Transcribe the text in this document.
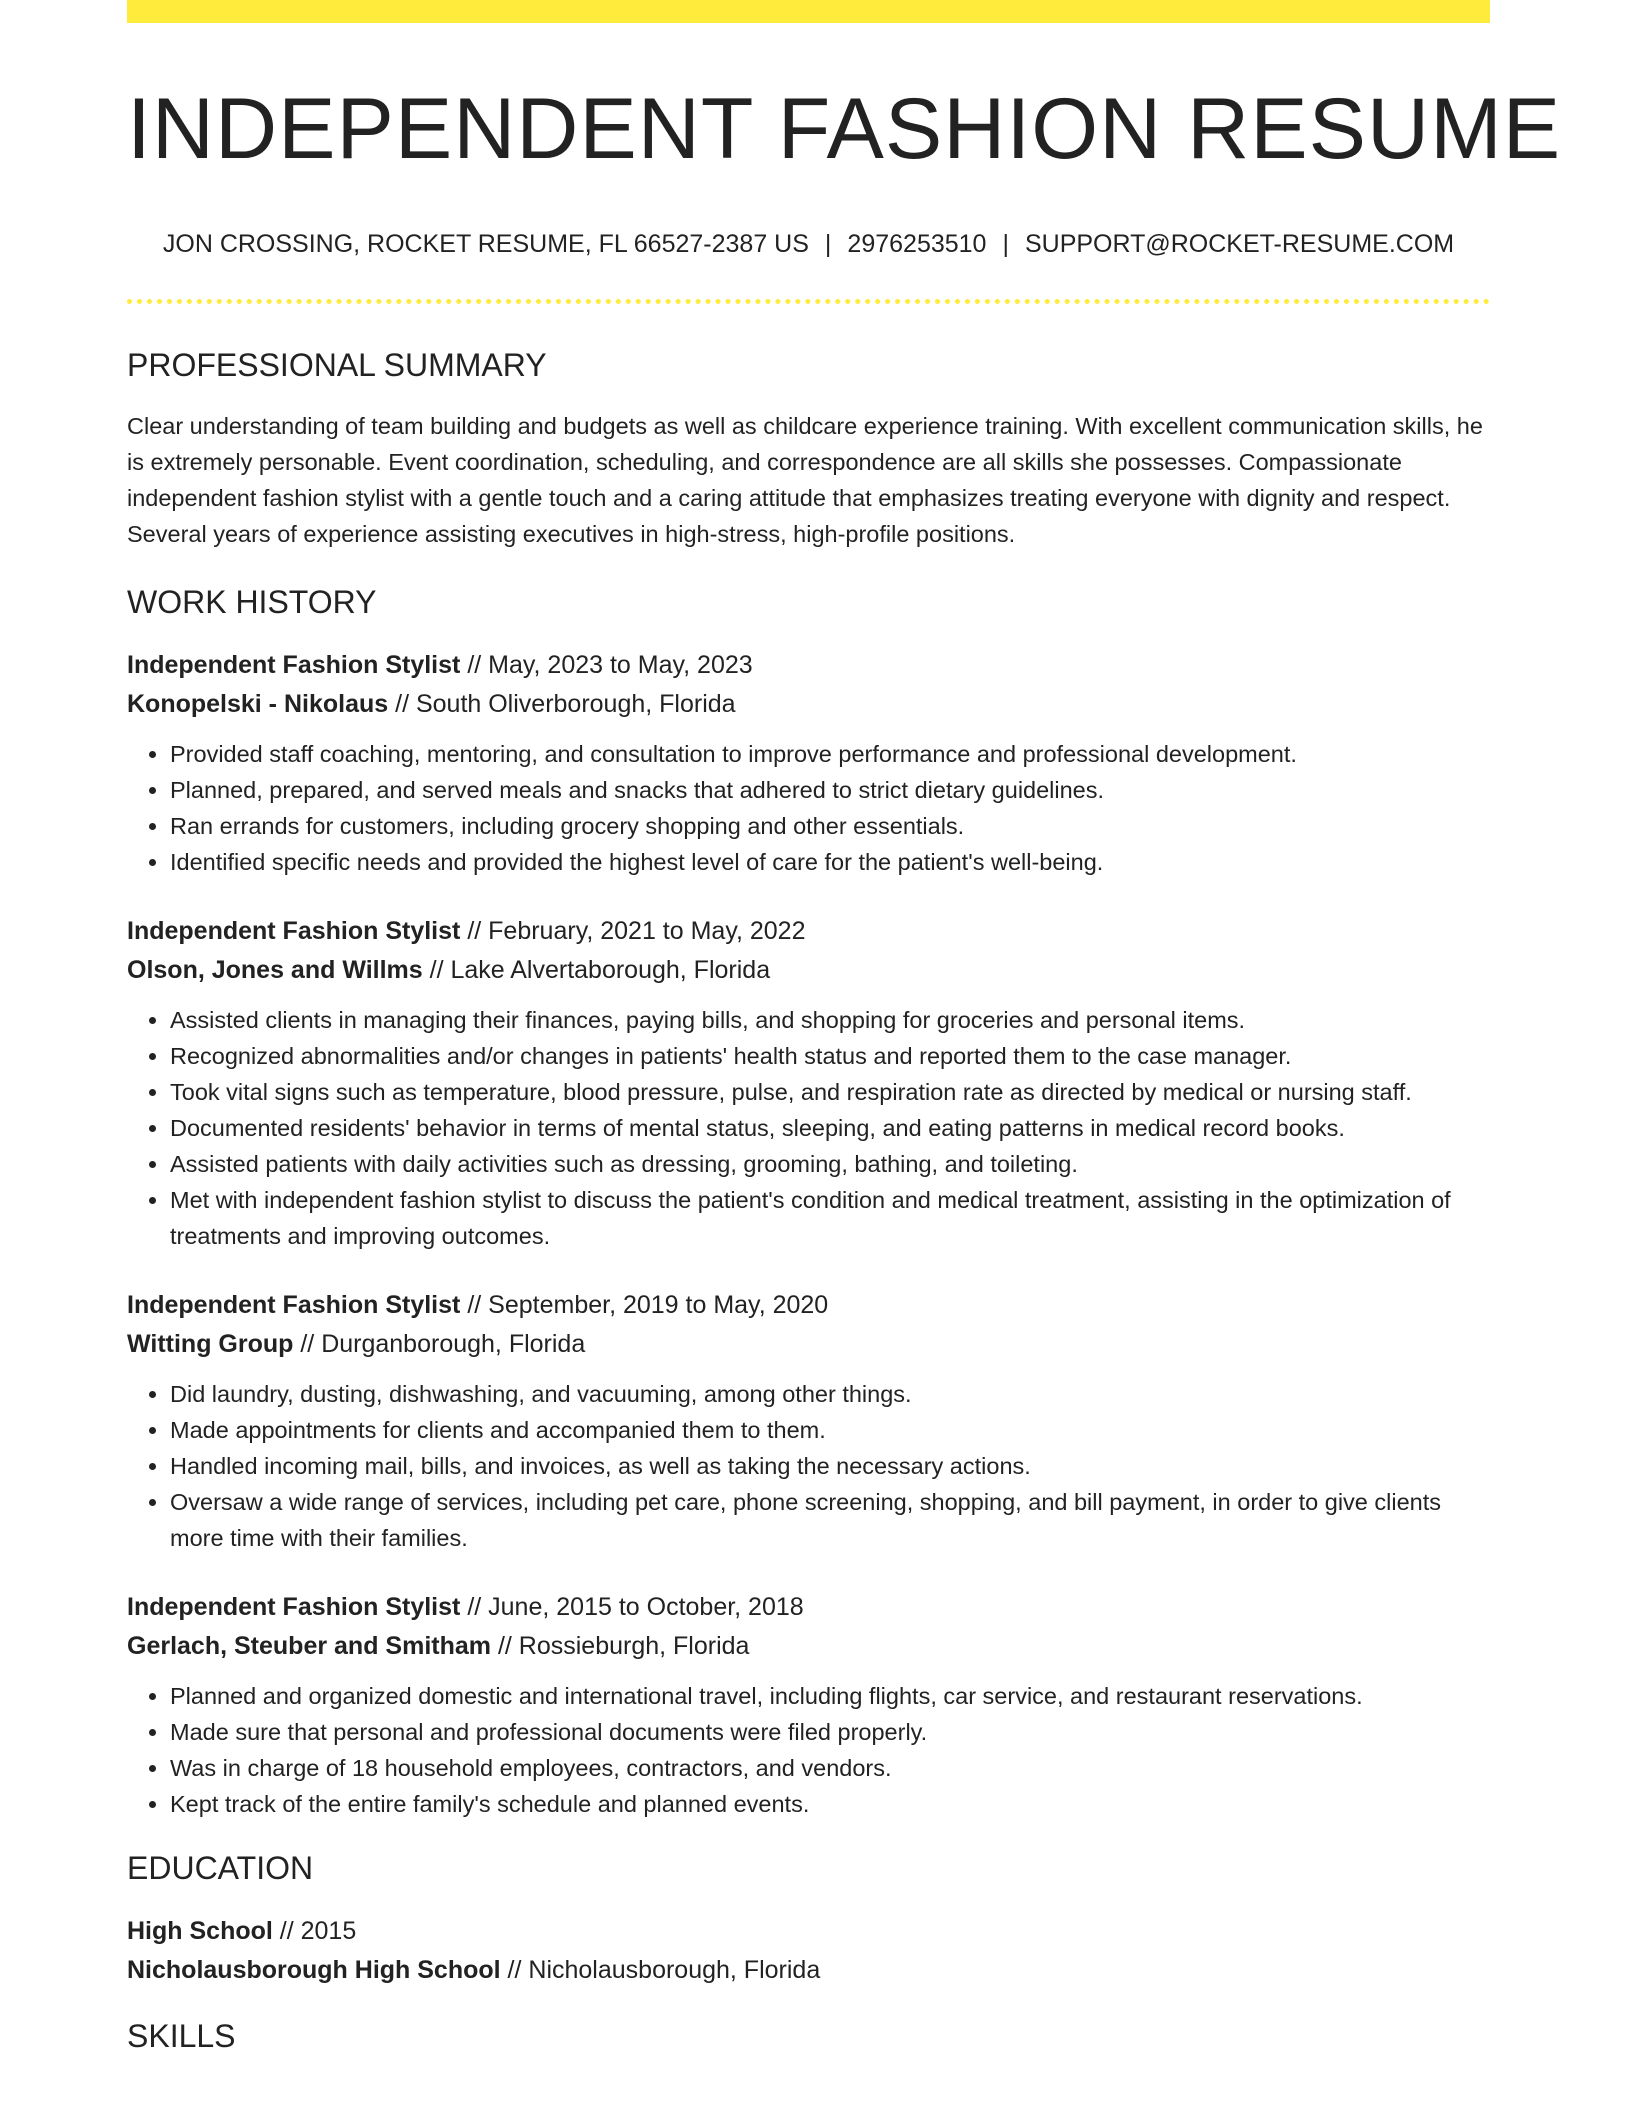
INDEPENDENT FASHION RESUME
JON CROSSING, ROCKET RESUME, FL 66527-2387 US | 2976253510 | SUPPORT@ROCKET-RESUME.COM
PROFESSIONAL SUMMARY
Clear understanding of team building and budgets as well as childcare experience training. With excellent communication skills, he is extremely personable. Event coordination, scheduling, and correspondence are all skills she possesses. Compassionate independent fashion stylist with a gentle touch and a caring attitude that emphasizes treating everyone with dignity and respect. Several years of experience assisting executives in high-stress, high-profile positions.
WORK HISTORY
Independent Fashion Stylist // May, 2023 to May, 2023
Konopelski - Nikolaus // South Oliverborough, Florida
• Provided staff coaching, mentoring, and consultation to improve performance and professional development.
• Planned, prepared, and served meals and snacks that adhered to strict dietary guidelines.
• Ran errands for customers, including grocery shopping and other essentials.
• Identified specific needs and provided the highest level of care for the patient's well-being.
Independent Fashion Stylist // February, 2021 to May, 2022
Olson, Jones and Willms // Lake Alvertaborough, Florida
• Assisted clients in managing their finances, paying bills, and shopping for groceries and personal items.
• Recognized abnormalities and/or changes in patients' health status and reported them to the case manager.
• Took vital signs such as temperature, blood pressure, pulse, and respiration rate as directed by medical or nursing staff.
• Documented residents' behavior in terms of mental status, sleeping, and eating patterns in medical record books.
• Assisted patients with daily activities such as dressing, grooming, bathing, and toileting.
• Met with independent fashion stylist to discuss the patient's condition and medical treatment, assisting in the optimization of treatments and improving outcomes.
Independent Fashion Stylist // September, 2019 to May, 2020
Witting Group // Durganborough, Florida
• Did laundry, dusting, dishwashing, and vacuuming, among other things.
• Made appointments for clients and accompanied them to them.
• Handled incoming mail, bills, and invoices, as well as taking the necessary actions.
• Oversaw a wide range of services, including pet care, phone screening, shopping, and bill payment, in order to give clients more time with their families.
Independent Fashion Stylist // June, 2015 to October, 2018
Gerlach, Steuber and Smitham // Rossieburgh, Florida
• Planned and organized domestic and international travel, including flights, car service, and restaurant reservations.
• Made sure that personal and professional documents were filed properly.
• Was in charge of 18 household employees, contractors, and vendors.
• Kept track of the entire family's schedule and planned events.
EDUCATION
High School // 2015
Nicholausborough High School // Nicholausborough, Florida
SKILLS
